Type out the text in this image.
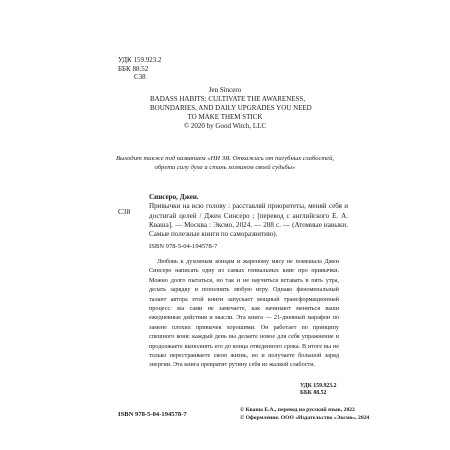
УДК 159.923.2
ББК 88.52
С38
Jen Sincero
BADASS HABITS: CULTIVATE THE AWARENESS,
BOUNDARIES, AND DAILY UPGRADES YOU NEED
TO MAKE THEM STICK
© 2020 by Good Witch, LLC
Выходит также под названием «НИ ЗЯ. Откажись от пагубных слабостей, обрети силу духа и стань хозяином своей судьбы»
С38
Синсеро, Джен.
Привычки на всю голову : расставляй приоритеты, меняй себя и достигай целей / Джен Синсеро ; [перевод с английского Е. А. Кваша]. — Москва : Эксмо, 2024. — 288 с. — (Атомные навыки. Самые полезные книги по саморазвитию).
ISBN 978-5-04-194578-7
Любовь к духовным концам и жареному мясу не помешала Джен Синсеро написать одну из самых гениальных книг про привычки. Можно долго пытаться, но так и не научиться вставать в пять утра, делать зарядку и пополнять любую игру. Однако феноменальный талант автора этой книги запускает мощный трансформационный процесс: вы сами не замечаете, как начинают меняться ваши ежедневные действия и мысли. Эта книга — 21-дневный марафон по замене плохих привычек хорошими. Он работает по принципу спешного коня: каждый день вы делаете новое для себя упражнение и продолжаете выполнять его до конца отведенного срока. В итоге вы не только перестраиваете свою жизнь, но и получаете большой заряд энергии. Эта книга превратит рутину себя из жалкой слабости.
УДК 159.923.2
ББК 88.52
ISBN 978-5-04-194578-7
© Кваша Е.А., перевод на русский язык, 2022
© Оформление. ООО «Издательство «Эксмо», 2024
